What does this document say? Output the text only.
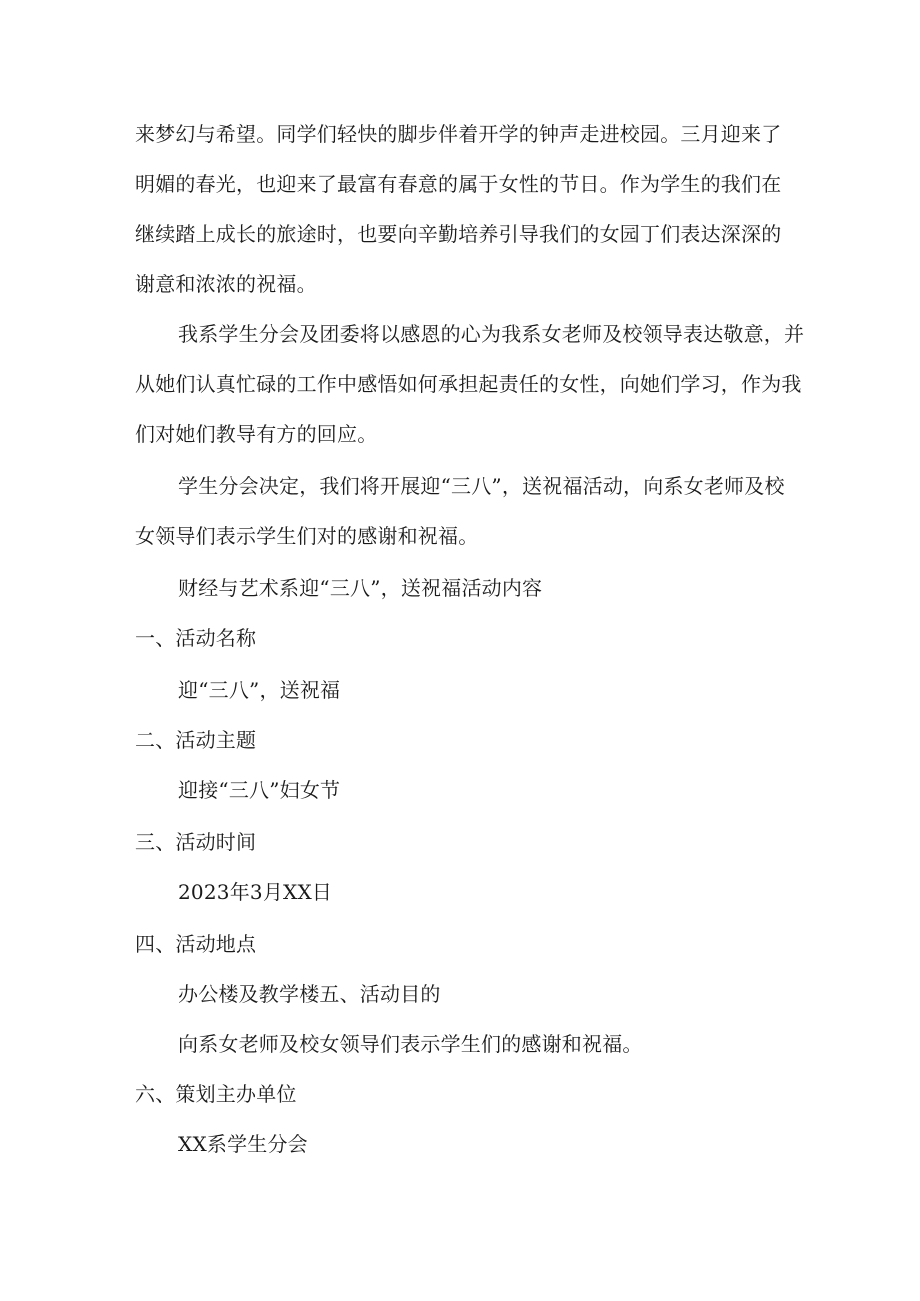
来梦幻与希望。同学们轻快的脚步伴着开学的钟声走进校园。三月迎来了
明媚的春光，也迎来了最富有春意的属于女性的节日。作为学生的我们在
继续踏上成长的旅途时，也要向辛勤培养引导我们的女园丁们表达深深的
谢意和浓浓的祝福。
我系学生分会及团委将以感恩的心为我系女老师及校领导表达敬意，并
从她们认真忙碌的工作中感悟如何承担起责任的女性，向她们学习，作为我
们对她们教导有方的回应。
学生分会决定，我们将开展迎“三八”，送祝福活动，向系女老师及校
女领导们表示学生们对的感谢和祝福。
财经与艺术系迎“三八”，送祝福活动内容
一、活动名称
迎“三八”，送祝福
二、活动主题
迎接“三八”妇女节
三、活动时间
2023年3月XX日
四、活动地点
办公楼及教学楼五、活动目的
向系女老师及校女领导们表示学生们的感谢和祝福。
六、策划主办单位
XX系学生分会
